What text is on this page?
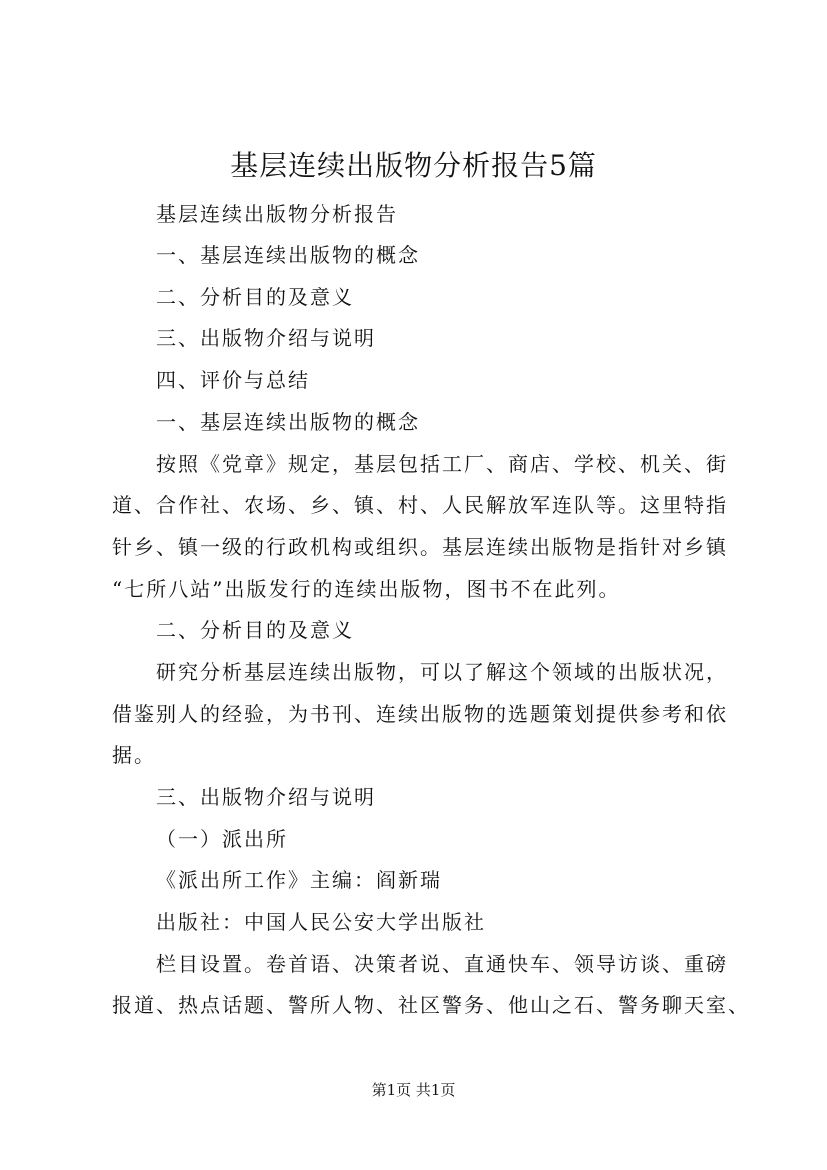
基层连续出版物分析报告5篇
基层连续出版物分析报告
一、基层连续出版物的概念
二、分析目的及意义
三、出版物介绍与说明
四、评价与总结
一、基层连续出版物的概念
按照《党章》规定，基层包括工厂、商店、学校、机关、街
道、合作社、农场、乡、镇、村、人民解放军连队等。这里特指
针乡、镇一级的行政机构或组织。基层连续出版物是指针对乡镇
“七所八站”出版发行的连续出版物，图书不在此列。
二、分析目的及意义
研究分析基层连续出版物，可以了解这个领域的出版状况，
借鉴别人的经验，为书刊、连续出版物的选题策划提供参考和依
据。
三、出版物介绍与说明
（一）派出所
《派出所工作》主编：阎新瑞
出版社：中国人民公安大学出版社
栏目设置。卷首语、决策者说、直通快车、领导访谈、重磅
报道、热点话题、警所人物、社区警务、他山之石、警务聊天室、
第1页 共1页
